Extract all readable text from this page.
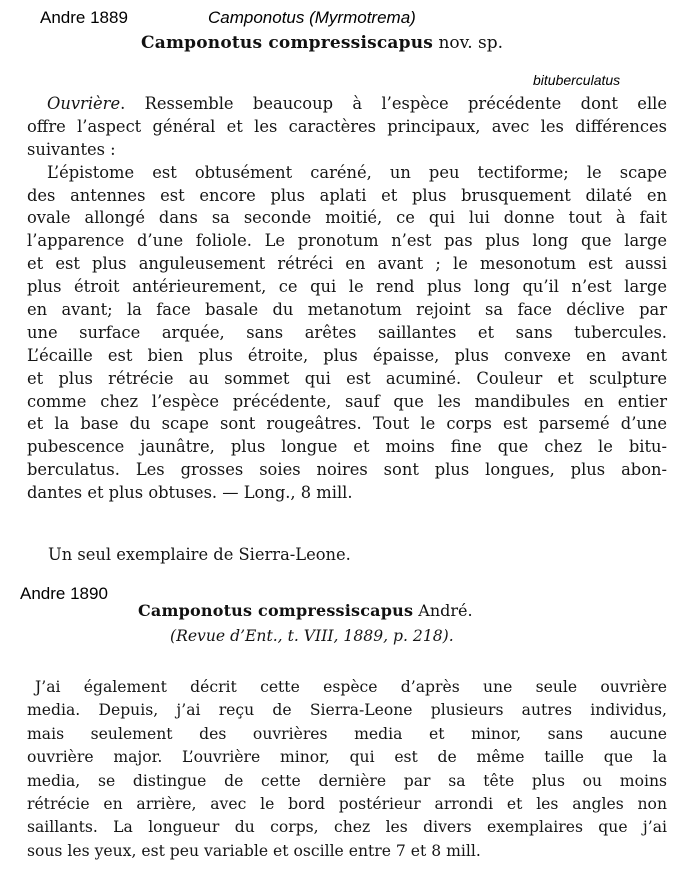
Andre 1889	Camponotus (Myrmotrema)
Camponotus compressiscapus nov. sp.
bituberculatus
Ouvrière. Ressemble beaucoup à l’espèce précédente dont elle
offre l’aspect général et les caractères principaux, avec les différences
suivantes :
L’épistome est obtusément caréné, un peu tectiforme; le scape
des antennes est encore plus aplati et plus brusquement dilaté en
ovale allongé dans sa seconde moitié, ce qui lui donne tout à fait
l’apparence d’une foliole. Le pronotum n’est pas plus long que large
et est plus anguleusement rétréci en avant ; le mesonotum est aussi
plus étroit antérieurement, ce qui le rend plus long qu’il n’est large
en avant; la face basale du metanotum rejoint sa face déclive par
une surface arquée, sans arêtes saillantes et sans tubercules.
L’écaille est bien plus étroite, plus épaisse, plus convexe en avant
et plus rétrécie au sommet qui est acuminé. Couleur et sculpture
comme chez l’espèce précédente, sauf que les mandibules en entier
et la base du scape sont rougeâtres. Tout le corps est parsemé d’une
pubescence jaunâtre, plus longue et moins fine que chez le bitu-
berculatus. Les grosses soies noires sont plus longues, plus abon-
dantes et plus obtuses. — Long., 8 mill.
Un seul exemplaire de Sierra-Leone.
Andre 1890
Camponotus compressiscapus André.
(Revue d’Ent., t. VIII, 1889, p. 218).
J’ai également décrit cette espèce d’après une seule ouvrière
media. Depuis, j’ai reçu de Sierra-Leone plusieurs autres individus,
mais seulement des ouvrières media et minor, sans aucune
ouvrière major. L’ouvrière minor, qui est de même taille que la
media, se distingue de cette dernière par sa tête plus ou moins
rétrécie en arrière, avec le bord postérieur arrondi et les angles non
saillants. La longueur du corps, chez les divers exemplaires que j’ai
sous les yeux, est peu variable et oscille entre 7 et 8 mill.
